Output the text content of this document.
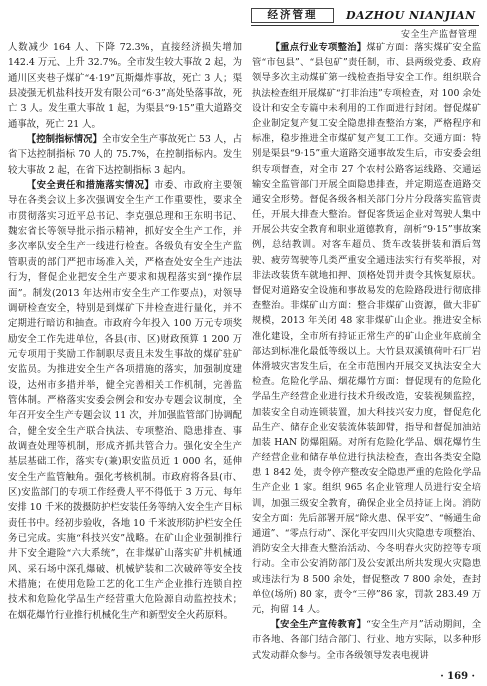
经济管理	DAZHOU NIANJIAN
安全生产监督管理

人数减少 164 人、下降 72.3%，直接经济损失增加 142.4 万元、上升 32.7%。全市发生较大事故 2 起，为通川区夹巷子煤矿“4·19”瓦斯爆炸事故，死亡 3 人；渠县凌强无机盐科技开发有限公司“6·3”高处坠落事故，死亡 3 人。发生重大事故 1 起，为渠县“9·15”重大道路交通事故，死亡 21 人。

【控制指标情况】全市安全生产事故死亡 53 人，占省下达控制指标 70 人的 75.7%，在控制指标内。发生较大事故 2 起，在省下达控制指标 3 起内。

【安全责任和措施落实情况】市委、市政府主要领导在各类会议上多次强调安全生产工作重要性，要求全市贯彻落实习近平总书记、李克强总理和王东明书记、魏宏省长等领导批示指示精神，抓好安全生产工作，并多次率队安全生产一线进行检查。各级负有安全生产监管职责的部门严把市场准入关，严格查处安全生产违法行为，督促企业把安全生产要求和规程落实到“操作层面”。制发(2013 年达州市安全生产工作要点)，对领导调研检查安全，特别是到煤矿下井检查进行量化，并不定期进行暗访和抽查。市政府今年投入 100 万元专项奖励安全工作先进单位，各县(市、区)财政预算 1 200 万元专项用于奖励工作制职尽责且未发生事故的煤矿驻矿安监员。为推进安全生产各项措施的落实，加强制度建设，达州市多措并举，健全完善相关工作机制，完善监管体制。严格落实安委会例会和安办专题会议制度，全年召开安全生产专题会议 11 次，并加强监管部门协调配合，健全安全生产联合执法、专项整治、隐患排查、事故调查处理等机制，形成齐抓共管合力。强化安全生产基层基础工作，落实专(兼)职安监员近 1 000 名，延伸安全生产监管触角。强化考核机制。市政府将各县(市、区)安监部门的专项工作经费人平不得低于 3 万元、每年安排 10 千米的拨摄防护栏安装任务等纳入安全生产目标责任书中。经初步验收，各地 10 千米波形防护栏安全任务已完成。实施“科技兴安”战略。在矿山企业强制推行井下安全避险“六大系统”，在非煤矿山落实矿井机械通风、采石场中深孔爆破、机械铲装和二次破碎等安全技术措施；在使用危险工艺的化工生产企业推行连锁自控技术和危险化学品生产经营重大危险源自动监控技术；在烟花爆竹行业推行机械化生产和新型安全火药原料。

【重点行业专项整治】煤矿方面：落实煤矿安全监管“市包县”、“县包矿”责任制，市、县两级党委、政府领导多次主动煤矿第一线检查指导安全工作。组织联合执法检查组开展煤矿“打非治违”专项检查，对 100 余处设计和安全专篇中未利用的工作面进行封闭。督促煤矿企业制定复产复工安全隐患排查整治方案，严格程序和标准，稳步推进全市煤矿复产复工工作。交通方面：特别是渠县“9·15”重大道路交通事故发生后，市安委会组织专项督查，对全市 27 个农村公路客运线路、交通运输安全监管部门开展全面隐患排查，并定期巡查道路交通安全形势。督促各级各相关部门分片分段落实监管责任，开展大排查大整治。督促客货运企业对驾驶人集中开展公共安全教育和职业道德教育，剖析“9·15”事故案例，总结教训。对客车超员、货车改装拼装和酒后驾驶、疲劳驾驶等几类严重安全通违法实行有奖举报，对非法改装货车就地扣押、顶格处罚并责令其恢复原状。督促对道路安全设施和事故易发的危险路段进行彻底排查整治。非煤矿山方面：整合非煤矿山资源，做大非矿规模，2013 年关闭 48 家非煤矿山企业。推进安全标准化建设，全市所有持证正常生产的矿山企业年底前全部达到标准化最低等级以上。大竹县双溪镇荷叶石厂岩体滑坡灾害发生后，在全市范围内开展交叉执法安全大检查。危险化学品、烟花爆竹方面：督促现有的危险化学品生产经营企业进行技术升级改造，安装视频监控，加装安全自动连锁装置，加大科技兴安力度，督促危化品生产、储存企业安装流体装卸臂，指导和督促加油站加装 HAN 防爆阻隔。对所有危险化学品、烟花爆竹生产经营企业和储存单位进行执法检查，查出各类安全隐患 1 842 处，责令停产整改安全隐患严重的危险化学品生产企业 1 家。组织 965 名企业管理人员进行安全培训，加强三级安全教育，确保企业全员持证上岗。消防安全方面：先后部署开展“除火患、保平安”、“畅通生命通道”、“零点行动”、深化平安四川火灾隐患专项整治、消防安全大排查大整治活动、今冬明春火灾防控等专项行动。全市公安消防部门及公安派出所共发现火灾隐患或违法行为 8 500 余处，督促整改 7 800 余处，查封单位(场所) 80 家，责令“三停”86 家，罚款 283.49 万元，拘留 14 人。

【安全生产宣传教育】“安全生产月”活动期间，全市各地、各部门结合部门、行业、地方实际，以多种形式发动群众参与。全市各级领导发表电视讲

· 169 ·
